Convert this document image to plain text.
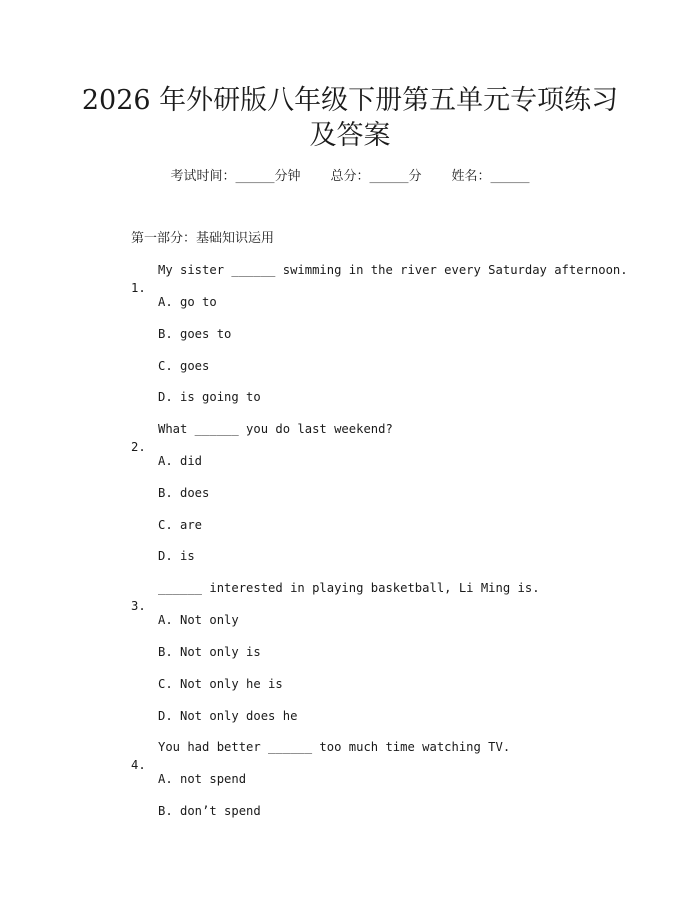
2026 年外研版八年级下册第五单元专项练习
及答案
考试时间：______分钟 总分：______分 姓名：______
第一部分：基础知识运用

1.

My sister ______ swimming in the river every Saturday afternoon.
A. go to
B. goes to
C. goes
D. is going to

2.

What ______ you do last weekend?
A. did
B. does
C. are
D. is

3.

______ interested in playing basketball, Li Ming is.
A. Not only
B. Not only is
C. Not only he is
D. Not only does he

4.

You had better ______ too much time watching TV.
A. not spend
B. don’t spend
